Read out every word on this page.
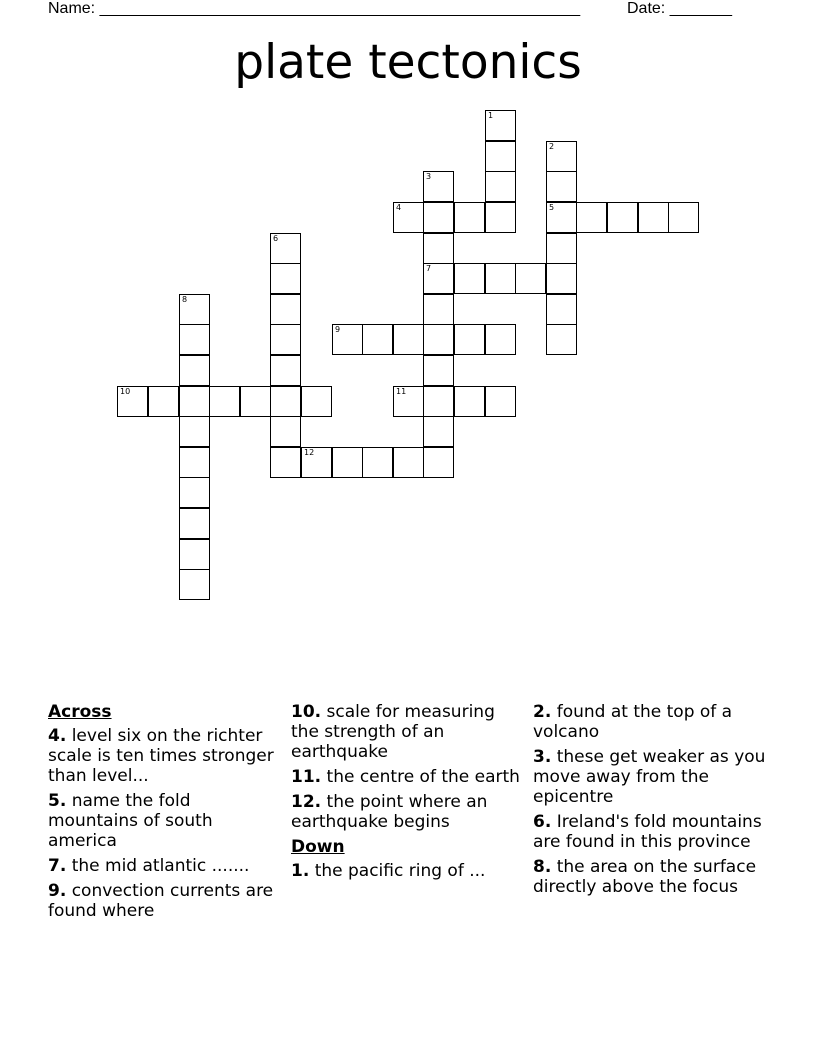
Name: ______________________________________________________	Date: _______
plate tectonics
1
2
5
3
7
4
6
8
9
10	11
12
Across
4. level six on the richter scale is ten times stronger than level...
5. name the fold mountains of south america
7. the mid atlantic .......
9. convection currents are found where
10. scale for measuring the strength of an earthquake
11. the centre of the earth
12. the point where an earthquake begins
Down
1. the pacific ring of ...
2. found at the top of a volcano
3. these get weaker as you move away from the epicentre
6. Ireland's fold mountains are found in this province
8. the area on the surface directly above the focus
